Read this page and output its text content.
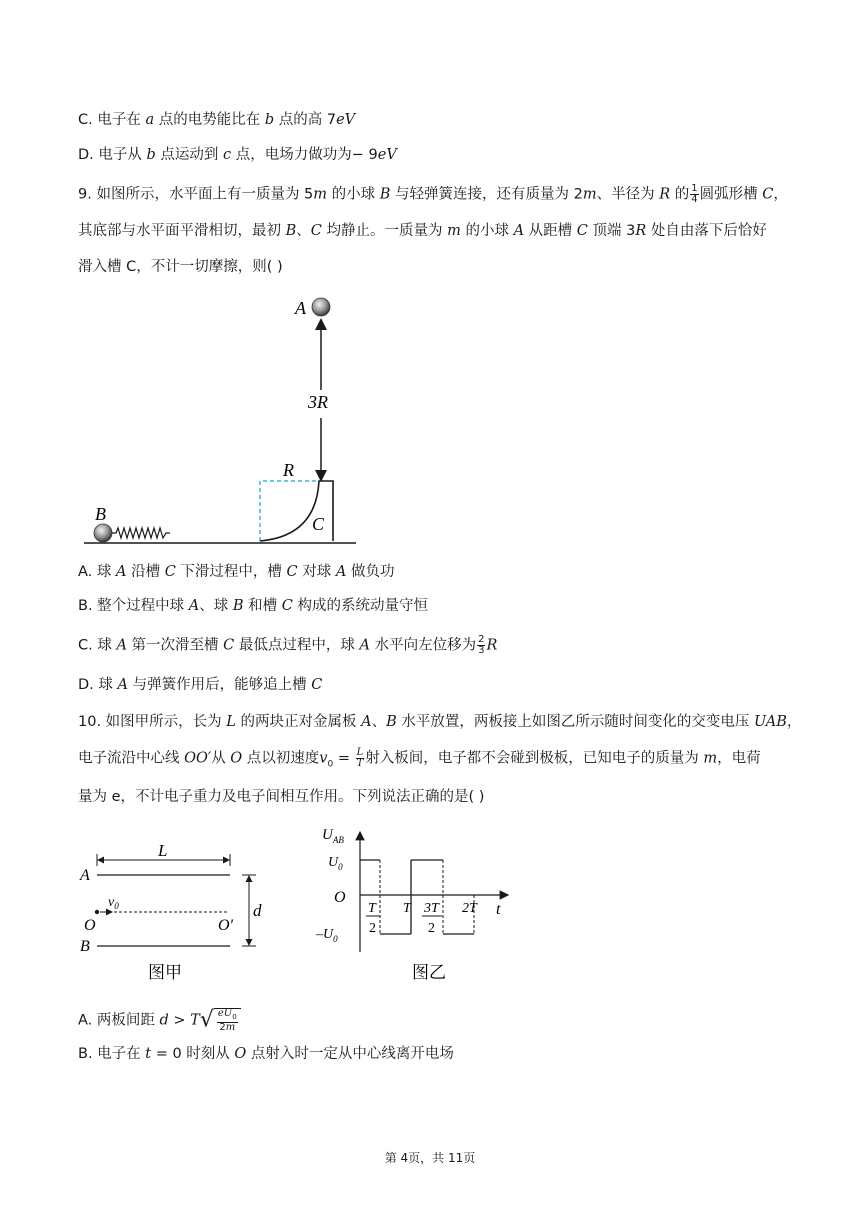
C. 电子在 a 点的电势能比在 b 点的高 7eV
D. 电子从 b 点运动到 c 点，电场力做功为− 9eV
9. 如图所示，水平面上有一质量为 5m 的小球 B 与轻弹簧连接，还有质量为 2m、半径为 R 的 $\frac{1}{4}$ 圆弧形槽 C，
其底部与水平面平滑相切，最初 B、C 均静止。一质量为 m 的小球 A 从距槽 C 顶端 3R 处自由落下后恰好
滑入槽 C，不计一切摩擦，则( )
A
3R
R
C
B
A. 球 A 沿槽 C 下滑过程中，槽 C 对球 A 做负功
B. 整个过程中球 A、球 B 和槽 C 构成的系统动量守恒
C. 球 A 第一次滑至槽 C 最低点过程中，球 A 水平向左位移为 $\frac{2}{3}$ R
D. 球 A 与弹簧作用后，能够追上槽 C
10. 如图甲所示，长为 L 的两块正对金属板 A、B 水平放置，两板接上如图乙所示随时间变化的交变电压 UAB，
电子流沿中心线 OO′从 O 点以初速度$v_0 = \frac{L}{T}$ 射入板间，电子都不会碰到极板，已知电子的质量为 m，电荷
量为 e，不计电子重力及电子间相互作用。下列说法正确的是( )
L
A
B
$v_0$
O	O′
d
图甲
$U_{AB}$
$U_0$
$-U_0$
O
t
T
2
T 3T
2
2T
图乙
A. 两板间距 $d > T√ \frac{eU_0}{2m}$
B. 电子在 t = 0 时刻从 O 点射入时一定从中心线离开电场
第 4页，共 11页
